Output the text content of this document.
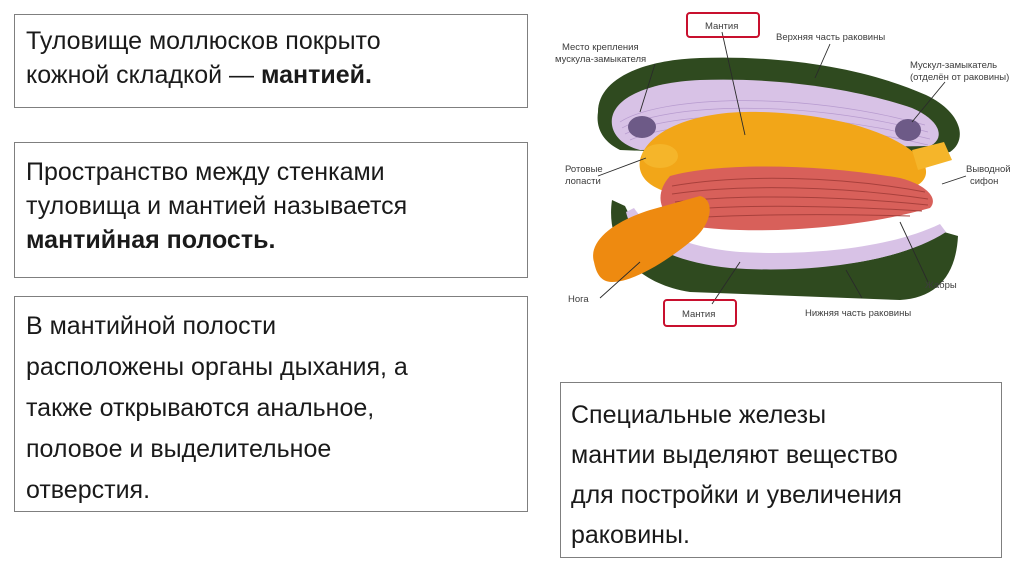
Туловище моллюсков покрыто
кожной складкой — мантией.
Пространство между стенками
туловища и мантией называется
мантийная полость.
В мантийной полости
расположены органы дыхания, а
также открываются анальное,
половое и выделительное
отверстия.
Специальные железы
мантии выделяют вещество
для постройки и увеличения
раковины.
Мантия
Верхняя часть раковины
Место крепления
мускула-замыкателя
Мускул-замыкатель
(отделён от раковины)
Ротовые
лопасти
Выводной
сифон
Жабры
Нога
Мантия	Нижняя часть раковины
